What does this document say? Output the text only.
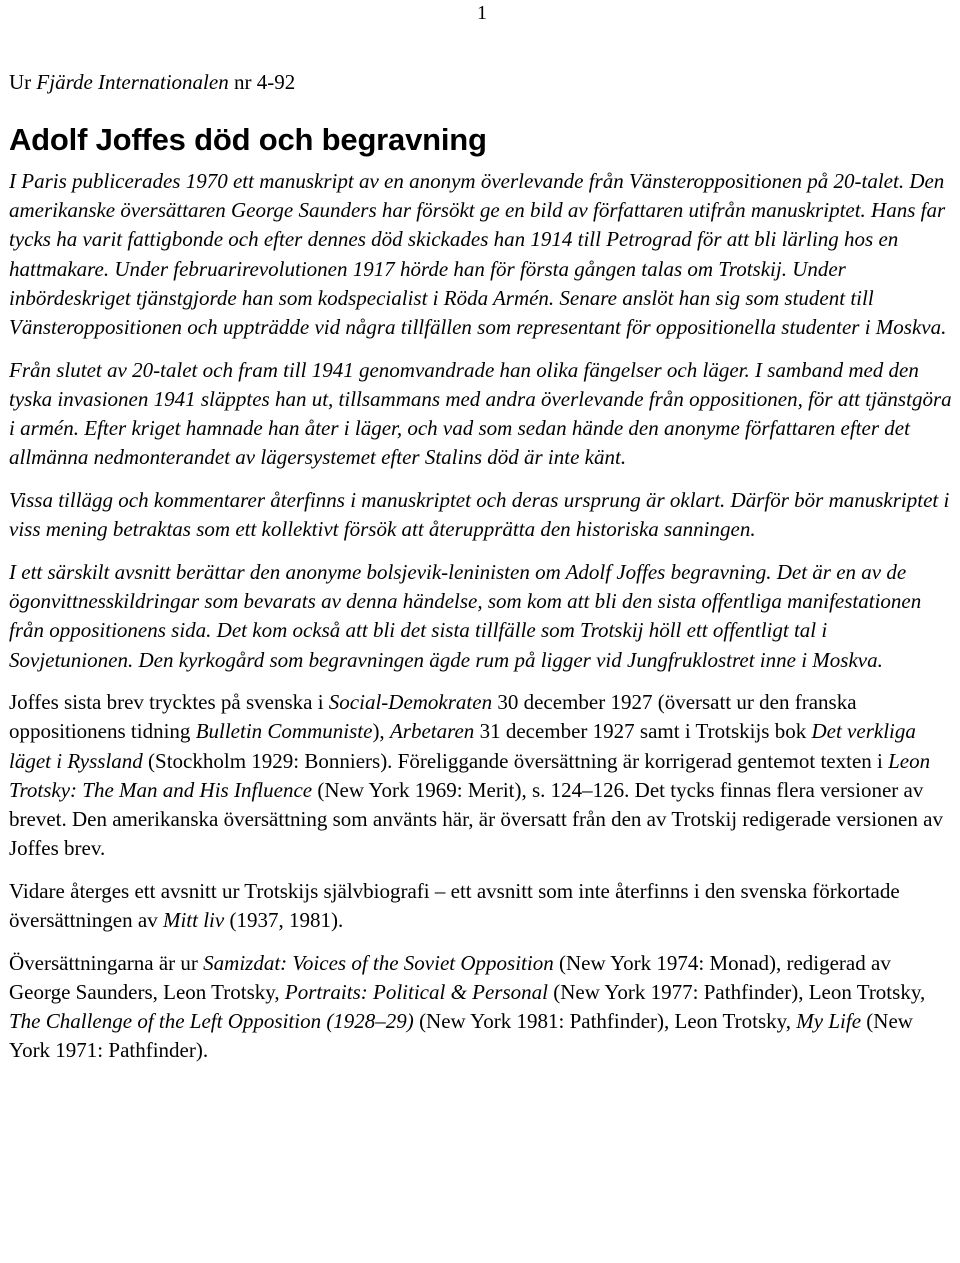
1
Ur Fjärde Internationalen nr 4-92
Adolf Joffes död och begravning

I Paris publicerades 1970 ett manuskript av en anonym överlevande från Vänsteroppositionen på 20-talet. Den amerikanske översättaren George Saunders har försökt ge en bild av författaren utifrån manuskriptet. Hans far tycks ha varit fattigbonde och efter dennes död skickades han 1914 till Petrograd för att bli lärling hos en hattmakare. Under februarirevolutionen 1917 hörde han för första gången talas om Trotskij. Under inbördeskriget tjänstgjorde han som kodspecialist i Röda Armén. Senare anslöt han sig som student till Vänsteroppositionen och uppträdde vid några tillfällen som representant för oppositionella studenter i Moskva.

Från slutet av 20-talet och fram till 1941 genomvandrade han olika fängelser och läger. I samband med den tyska invasionen 1941 släpptes han ut, tillsammans med andra överlevande från oppositionen, för att tjänstgöra i armén. Efter kriget hamnade han åter i läger, och vad som sedan hände den anonyme författaren efter det allmänna nedmonterandet av lägersystemet efter Stalins död är inte känt.

Vissa tillägg och kommentarer återfinns i manuskriptet och deras ursprung är oklart. Därför bör manuskriptet i viss mening betraktas som ett kollektivt försök att återupprätta den historiska sanningen.

I ett särskilt avsnitt berättar den anonyme bolsjevik-leninisten om Adolf Joffes begravning. Det är en av de ögonvittnesskildringar som bevarats av denna händelse, som kom att bli den sista offentliga manifestationen från oppositionens sida. Det kom också att bli det sista tillfälle som Trotskij höll ett offentligt tal i Sovjetunionen. Den kyrkogård som begravningen ägde rum på ligger vid Jungfruklostret inne i Moskva.

Joffes sista brev trycktes på svenska i Social-Demokraten 30 december 1927 (översatt ur den franska oppositionens tidning Bulletin Communiste), Arbetaren 31 december 1927 samt i Trotskijs bok Det verkliga läget i Ryssland (Stockholm 1929: Bonniers). Föreliggande översättning är korrigerad gentemot texten i Leon Trotsky: The Man and His Influence (New York 1969: Merit), s. 124–126. Det tycks finnas flera versioner av brevet. Den amerikanska översättning som använts här, är översatt från den av Trotskij redigerade versionen av Joffes brev.

Vidare återges ett avsnitt ur Trotskijs självbiografi – ett avsnitt som inte återfinns i den svenska förkortade översättningen av Mitt liv (1937, 1981).

Översättningarna är ur Samizdat: Voices of the Soviet Opposition (New York 1974: Monad), redigerad av George Saunders, Leon Trotsky, Portraits: Political & Personal (New York 1977: Pathfinder), Leon Trotsky, The Challenge of the Left Opposition (1928–29) (New York 1981: Pathfinder), Leon Trotsky, My Life (New York 1971: Pathfinder).
